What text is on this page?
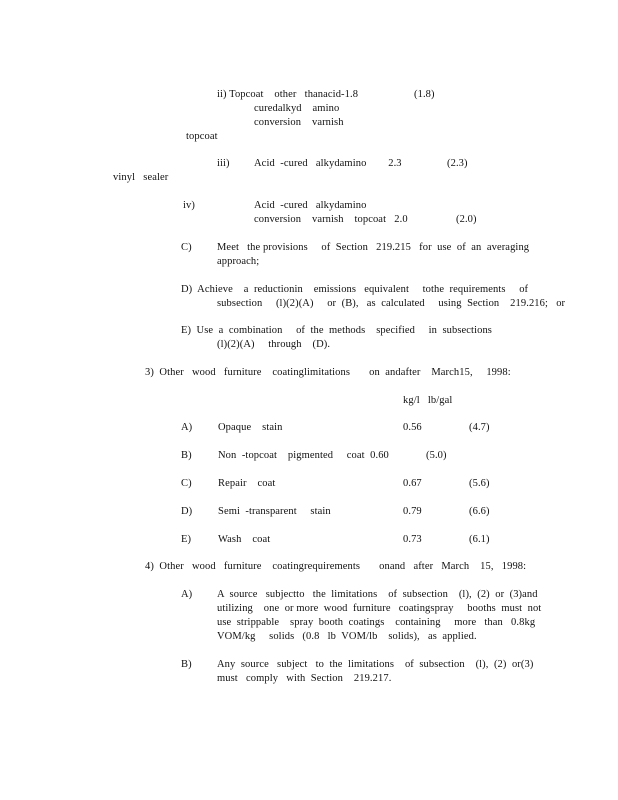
ii) Topcoat    other   thanacid-1.8	(1.8)
curedalkyd    amino
conversion    varnish
topcoat
iii) Acid  -cured   alkydamino        2.3	(2.3)
vinyl   sealer
iv)	Acid  -cured   alkydamino
conversion    varnish    topcoat   2.0	(2.0)
C) Meet   the provisions     of  Section   219.215   for  use  of  an  averaging
approach;
D)  Achieve    a  reductionin    emissions   equivalent     tothe  requirements     of
subsection     (l)(2)(A)     or  (B),   as  calculated     using  Section    219.216;   or
E)  Use  a  combination     of  the  methods    specified     in  subsections
(l)(2)(A)     through    (D).
3)  Other   wood   furniture    coatinglimitations       on  andafter    March15,     1998:
kg/l   lb/gal
A) Opaque    stain	0.56	(4.7)
B)	Non  -topcoat    pigmented     coat  0.60	(5.0)
C)	Repair    coat	0.67	(5.6)
D) Semi  -transparent     stain	0.79	(6.6)
E)	Wash    coat	0.73	(6.1)
4)  Other   wood   furniture    coatingrequirements       onand   after   March    15,   1998:
A) A  source   subjectto   the  limitations    of  subsection    (l),  (2)  or  (3)and
utilizing    one  or more  wood  furniture   coatingspray     booths  must  not
use  strippable    spray  booth  coatings    containing     more   than   0.8kg
VOM/kg     solids   (0.8   lb  VOM/lb    solids),   as  applied.
B) Any  source   subject   to  the  limitations    of  subsection    (l),  (2)  or(3)
must   comply   with  Section    219.217.
